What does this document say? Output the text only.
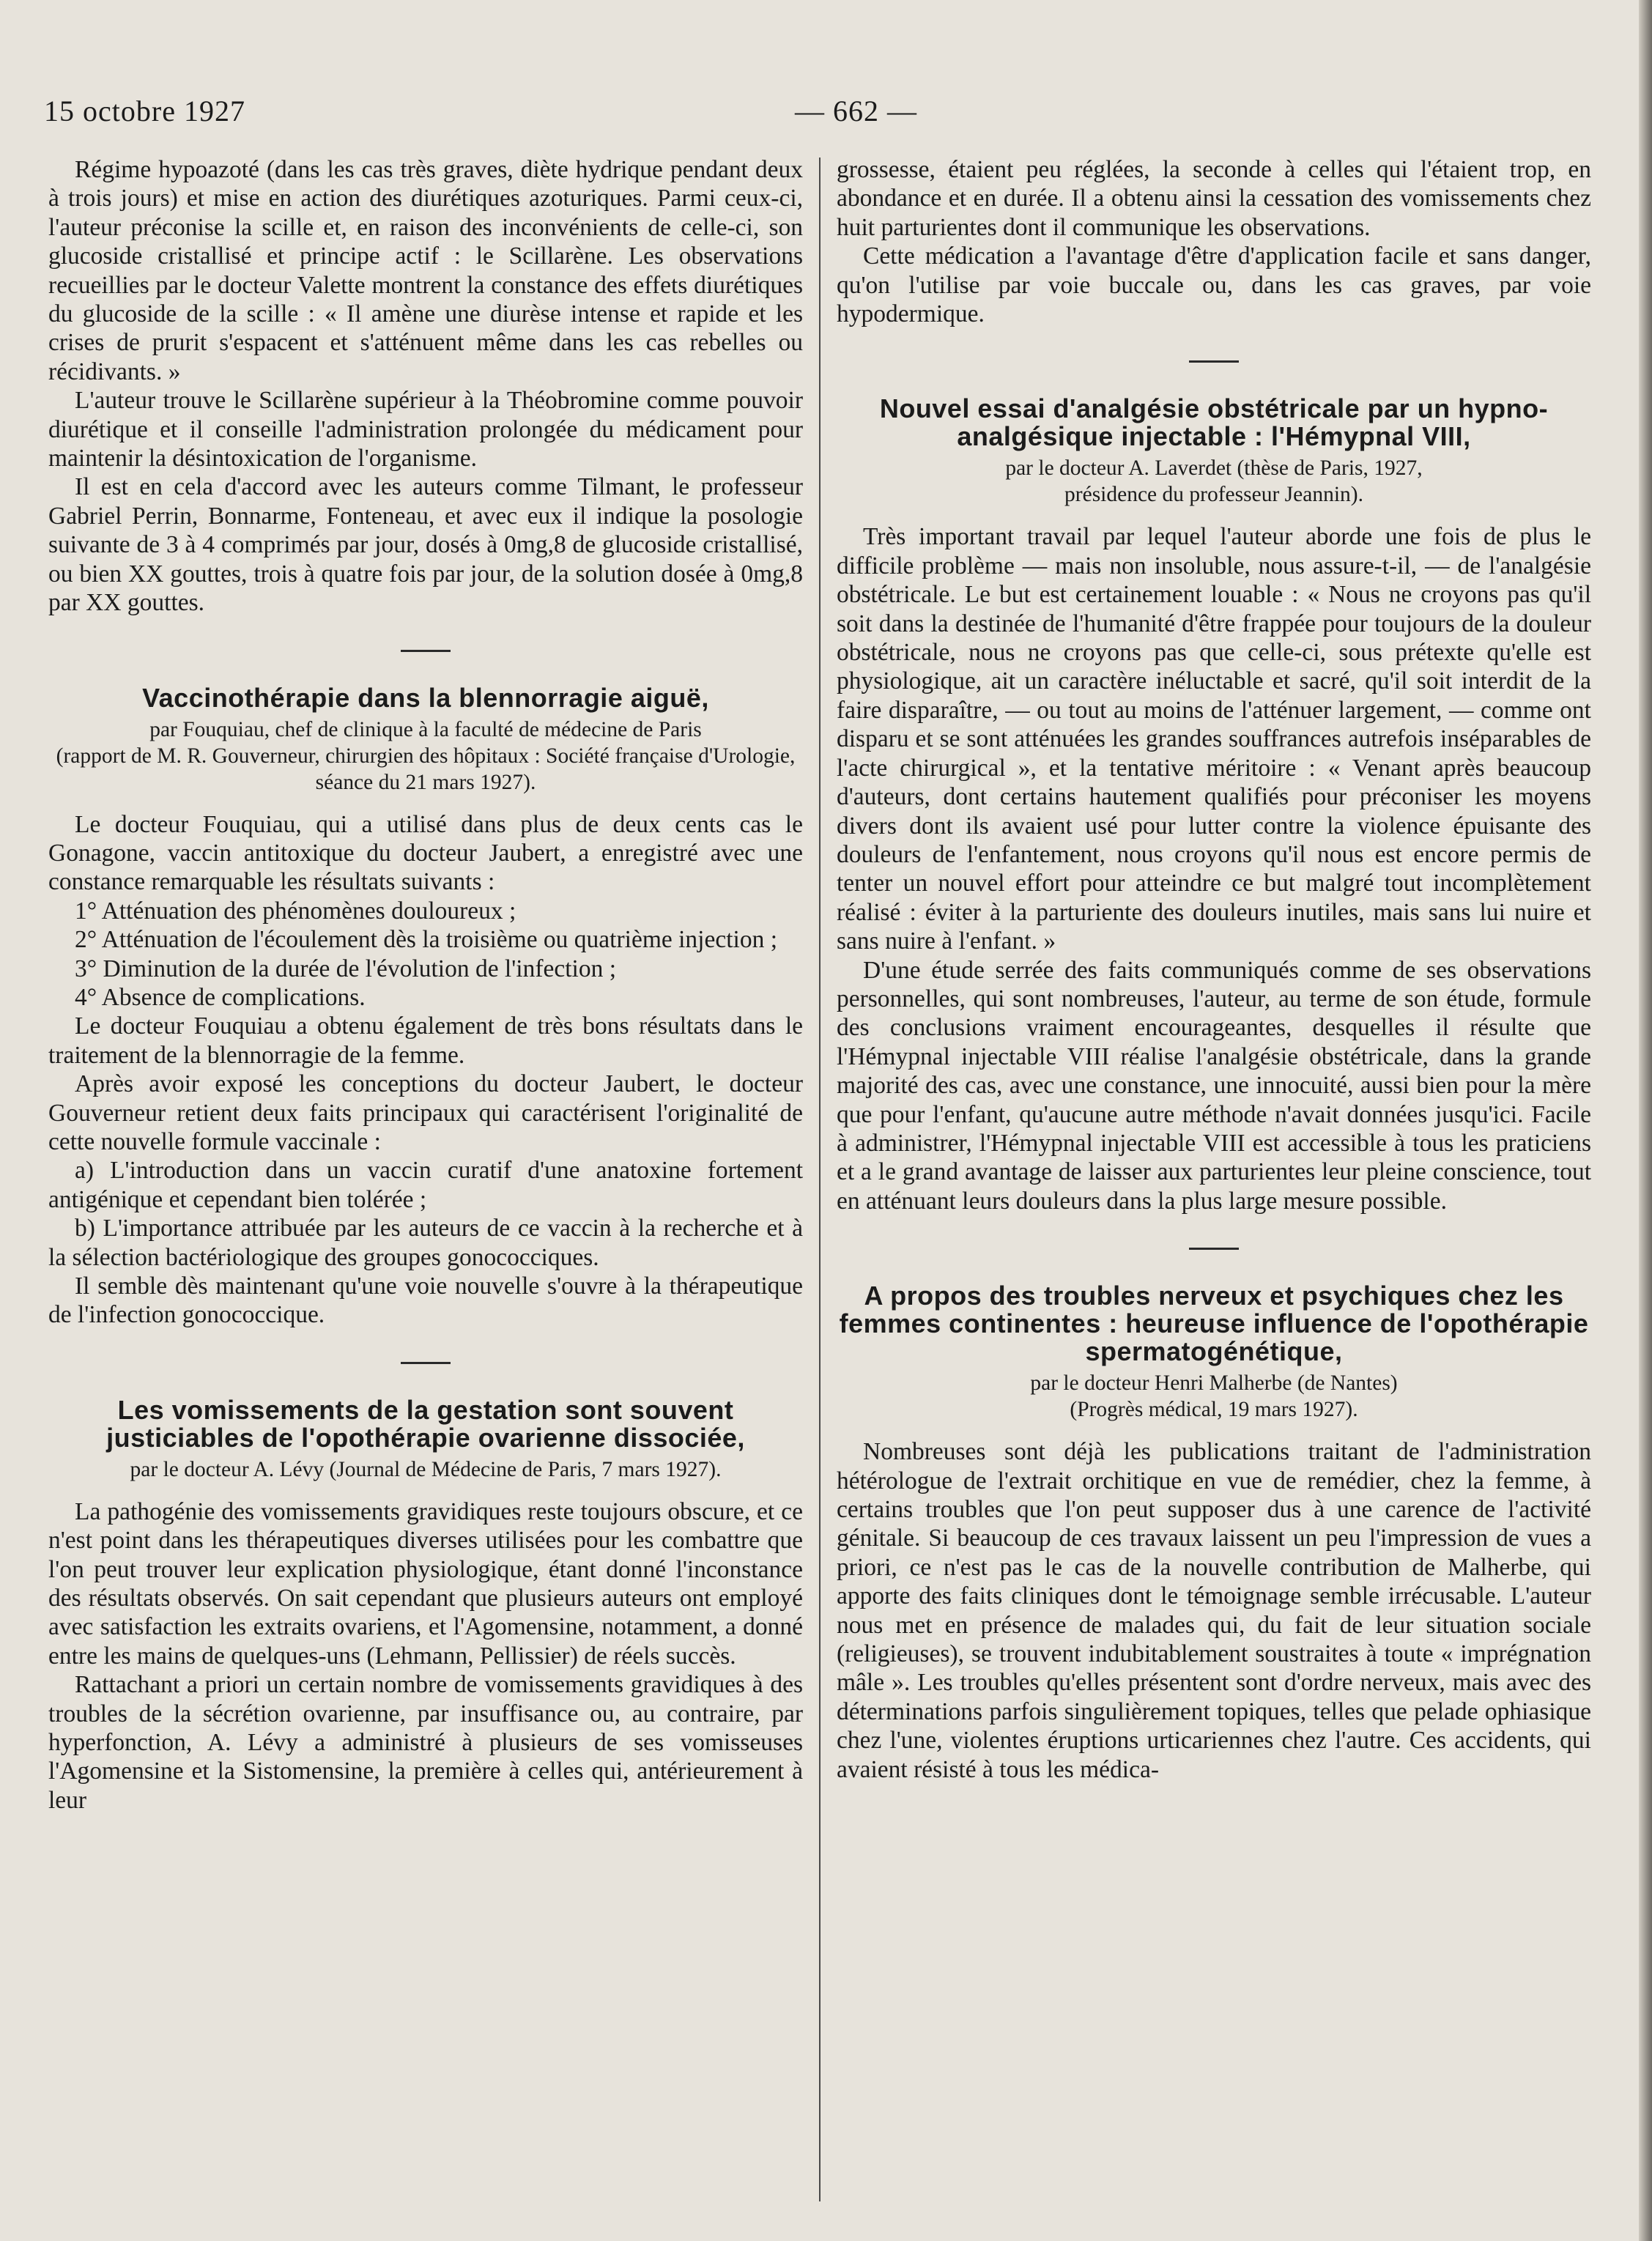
15 octobre 1927	— 662 —

Régime hypoazoté (dans les cas très graves, diète hydrique pendant deux à trois jours) et mise en action des diurétiques azoturiques. Parmi ceux-ci, l'auteur préconise la scille et, en raison des inconvénients de celle-ci, son glucoside cristallisé et principe actif : le Scillarène. Les observations recueillies par le docteur Valette montrent la constance des effets diurétiques du glucoside de la scille : « Il amène une diurèse intense et rapide et les crises de prurit s'espacent et s'atténuent même dans les cas rebelles ou récidivants. »

L'auteur trouve le Scillarène supérieur à la Théobromine comme pouvoir diurétique et il conseille l'administration prolongée du médicament pour maintenir la désintoxication de l'organisme.

Il est en cela d'accord avec les auteurs comme Tilmant, le professeur Gabriel Perrin, Bonnarme, Fonteneau, et avec eux il indique la posologie suivante de 3 à 4 comprimés par jour, dosés à 0mg,8 de glucoside cristallisé, ou bien XX gouttes, trois à quatre fois par jour, de la solution dosée à 0mg,8 par XX gouttes.

Vaccinothérapie dans la blennorragie aiguë,
par Fouquiau, chef de clinique à la faculté de médecine de Paris
(rapport de M. R. Gouverneur, chirurgien des hôpitaux : Société française d'Urologie, séance du 21 mars 1927).

Le docteur Fouquiau, qui a utilisé dans plus de deux cents cas le Gonagone, vaccin antitoxique du docteur Jaubert, a enregistré avec une constance remarquable les résultats suivants :

1° Atténuation des phénomènes douloureux ;

2° Atténuation de l'écoulement dès la troisième ou quatrième injection ;

3° Diminution de la durée de l'évolution de l'infection ;

4° Absence de complications.

Le docteur Fouquiau a obtenu également de très bons résultats dans le traitement de la blennorragie de la femme.

Après avoir exposé les conceptions du docteur Jaubert, le docteur Gouverneur retient deux faits principaux qui caractérisent l'originalité de cette nouvelle formule vaccinale :

a) L'introduction dans un vaccin curatif d'une anatoxine fortement antigénique et cependant bien tolérée ;

b) L'importance attribuée par les auteurs de ce vaccin à la recherche et à la sélection bactériologique des groupes gonococciques.

Il semble dès maintenant qu'une voie nouvelle s'ouvre à la thérapeutique de l'infection gonococcique.

Les vomissements de la gestation sont souvent justiciables de l'opothérapie ovarienne dissociée,
par le docteur A. Lévy (Journal de Médecine de Paris, 7 mars 1927).

La pathogénie des vomissements gravidiques reste toujours obscure, et ce n'est point dans les thérapeutiques diverses utilisées pour les combattre que l'on peut trouver leur explication physiologique, étant donné l'inconstance des résultats observés. On sait cependant que plusieurs auteurs ont employé avec satisfaction les extraits ovariens, et l'Agomensine, notamment, a donné entre les mains de quelques-uns (Lehmann, Pellissier) de réels succès.

Rattachant a priori un certain nombre de vomissements gravidiques à des troubles de la sécrétion ovarienne, par insuffisance ou, au contraire, par hyperfonction, A. Lévy a administré à plusieurs de ses vomisseuses l'Agomensine et la Sistomensine, la première à celles qui, antérieurement à leur

grossesse, étaient peu réglées, la seconde à celles qui l'étaient trop, en abondance et en durée. Il a obtenu ainsi la cessation des vomissements chez huit parturientes dont il communique les observations.

Cette médication a l'avantage d'être d'application facile et sans danger, qu'on l'utilise par voie buccale ou, dans les cas graves, par voie hypodermique.

Nouvel essai d'analgésie obstétricale par un hypno-analgésique injectable : l'Hémypnal VIII,
par le docteur A. Laverdet (thèse de Paris, 1927,
présidence du professeur Jeannin).

Très important travail par lequel l'auteur aborde une fois de plus le difficile problème — mais non insoluble, nous assure-t-il, — de l'analgésie obstétricale. Le but est certainement louable : « Nous ne croyons pas qu'il soit dans la destinée de l'humanité d'être frappée pour toujours de la douleur obstétricale, nous ne croyons pas que celle-ci, sous prétexte qu'elle est physiologique, ait un caractère inéluctable et sacré, qu'il soit interdit de la faire disparaître, — ou tout au moins de l'atténuer largement, — comme ont disparu et se sont atténuées les grandes souffrances autrefois inséparables de l'acte chirurgical », et la tentative méritoire : « Venant après beaucoup d'auteurs, dont certains hautement qualifiés pour préconiser les moyens divers dont ils avaient usé pour lutter contre la violence épuisante des douleurs de l'enfantement, nous croyons qu'il nous est encore permis de tenter un nouvel effort pour atteindre ce but malgré tout incomplètement réalisé : éviter à la parturiente des douleurs inutiles, mais sans lui nuire et sans nuire à l'enfant. »

D'une étude serrée des faits communiqués comme de ses observations personnelles, qui sont nombreuses, l'auteur, au terme de son étude, formule des conclusions vraiment encourageantes, desquelles il résulte que l'Hémypnal injectable VIII réalise l'analgésie obstétricale, dans la grande majorité des cas, avec une constance, une innocuité, aussi bien pour la mère que pour l'enfant, qu'aucune autre méthode n'avait données jusqu'ici. Facile à administrer, l'Hémypnal injectable VIII est accessible à tous les praticiens et a le grand avantage de laisser aux parturientes leur pleine conscience, tout en atténuant leurs douleurs dans la plus large mesure possible.

A propos des troubles nerveux et psychiques chez les femmes continentes : heureuse influence de l'opothérapie spermatogénétique,
par le docteur Henri Malherbe (de Nantes)
(Progrès médical, 19 mars 1927).

Nombreuses sont déjà les publications traitant de l'administration hétérologue de l'extrait orchitique en vue de remédier, chez la femme, à certains troubles que l'on peut supposer dus à une carence de l'activité génitale. Si beaucoup de ces travaux laissent un peu l'impression de vues a priori, ce n'est pas le cas de la nouvelle contribution de Malherbe, qui apporte des faits cliniques dont le témoignage semble irrécusable. L'auteur nous met en présence de malades qui, du fait de leur situation sociale (religieuses), se trouvent indubitablement soustraites à toute « imprégnation mâle ». Les troubles qu'elles présentent sont d'ordre nerveux, mais avec des déterminations parfois singulièrement topiques, telles que pelade ophiasique chez l'une, violentes éruptions urticariennes chez l'autre. Ces accidents, qui avaient résisté à tous les médica-
